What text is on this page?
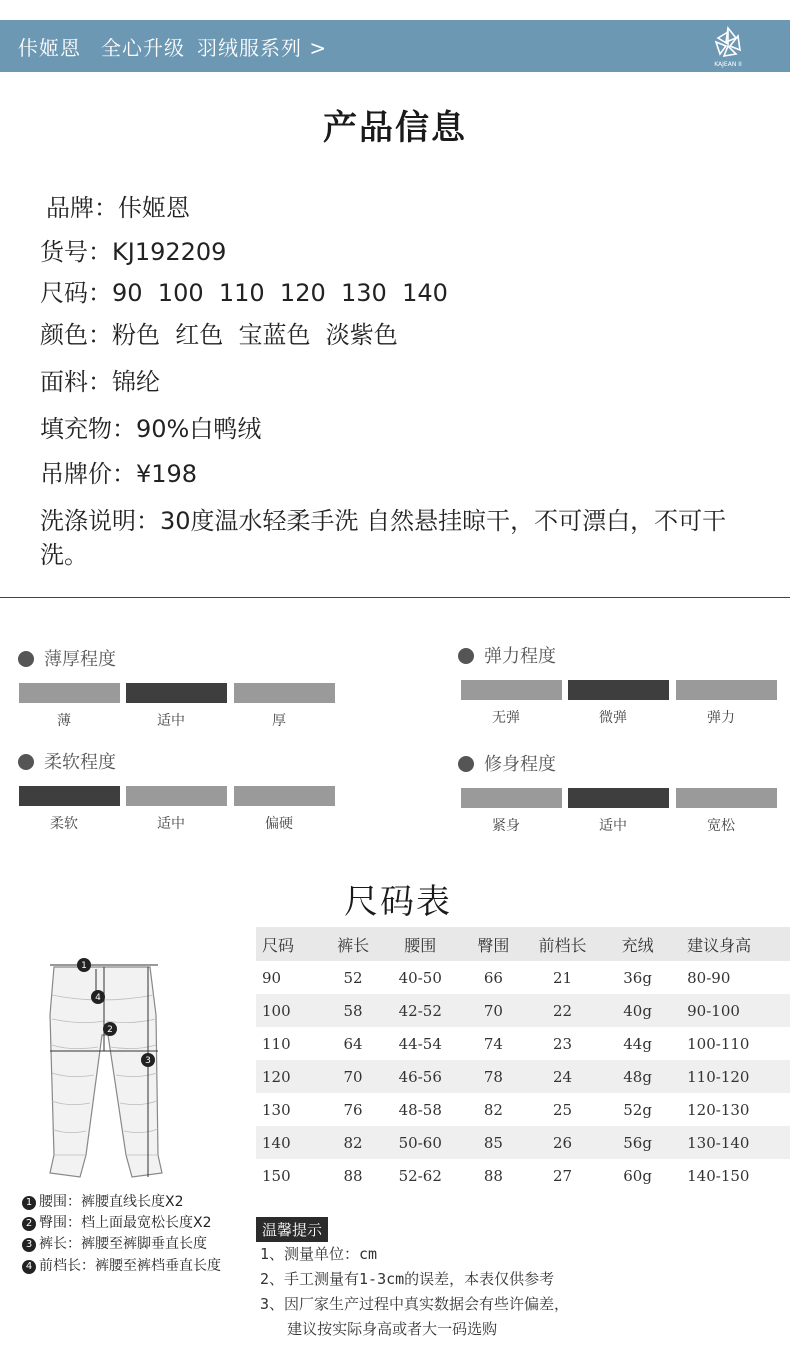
佧姬恩 全心升级 羽绒服系列 >
KAJEAN II
产品信息
品牌：佧姬恩
货号：KJ192209
尺码：90  100  110  120  130  140
颜色：粉色  红色  宝蓝色  淡紫色
面料：锦纶
填充物：90%白鸭绒
吊牌价：¥198
洗涤说明：30度温水轻柔手洗 自然悬挂晾干，不可漂白，不可干洗。
薄厚程度
薄	适中	厚
弹力程度
无弹	微弹	弹力
柔软程度
柔软	适中	偏硬
修身程度
紧身	适中	宽松
尺码表
1
2
3
4
1 腰围：裤腰直线长度X2
2 臀围：档上面最宽松长度X2
3 裤长：裤腰至裤脚垂直长度
4 前档长：裤腰至裤档垂直长度
尺码	裤长	腰围	臀围	前档长	充绒	建议身高
90	52	40-50	66	21	36g	80-90
100	58	42-52	70	22	40g	90-100
110	64	44-54	74	23	44g	100-110
120	70	46-56	78	24	48g	110-120
130	76	48-58	82	25	52g	120-130
140	82	50-60	85	26	56g	130-140
150	88	52-62	88	27	60g	140-150
温馨提示
1、测量单位：cm
2、手工测量有1-3cm的误差，本表仅供参考
3、因厂家生产过程中真实数据会有些许偏差，
建议按实际身高或者大一码选购
